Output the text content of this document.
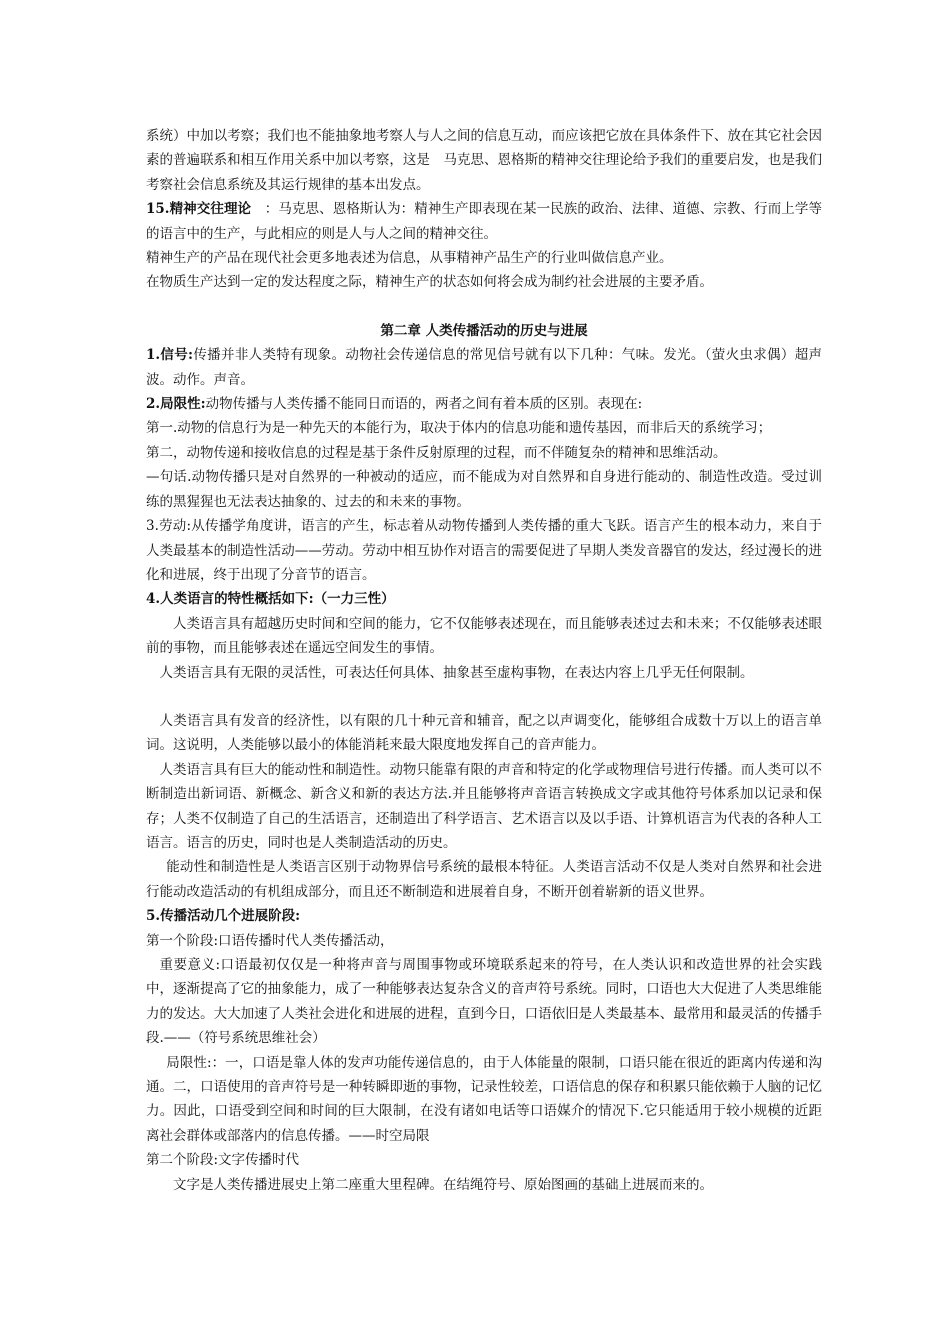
系统）中加以考察；我们也不能抽象地考察人与人之间的信息互动，而应该把它放在具体条件下、放在其它社会因素的普遍联系和相互作用关系中加以考察，这是　马克思、恩格斯的精神交往理论给予我们的重要启发，也是我们考察社会信息系统及其运行规律的基本出发点。

15.精神交往理论　：马克思、恩格斯认为：精神生产即表现在某一民族的政治、法律、道德、宗教、行而上学等的语言中的生产，与此相应的则是人与人之间的精神交往。

精神生产的产品在现代社会更多地表述为信息，从事精神产品生产的行业叫做信息产业。

在物质生产达到一定的发达程度之际，精神生产的状态如何将会成为制约社会进展的主要矛盾。

第二章 人类传播活动的历史与进展

1.信号:传播并非人类特有现象。动物社会传递信息的常见信号就有以下几种：气味。发光。（萤火虫求偶）超声波。动作。声音。

2.局限性:动物传播与人类传播不能同日而语的，两者之间有着本质的区别。表现在:

第一.动物的信息行为是一种先天的本能行为，取决于体内的信息功能和遗传基因，而非后天的系统学习；

第二，动物传递和接收信息的过程是基于条件反射原理的过程，而不伴随复杂的精神和思维活动。

—句话.动物传播只是对自然界的一种被动的适应，而不能成为对自然界和自身进行能动的、制造性改造。受过训练的黑猩猩也无法表达抽象的、过去的和未来的事物。

3.劳动:从传播学角度讲，语言的产生，标志着从动物传播到人类传播的重大飞跃。语言产生的根本动力，来自于人类最基本的制造性活动——劳动。劳动中相互协作对语言的需要促进了早期人类发音器官的发达，经过漫长的进化和进展，终于出现了分音节的语言。

4.人类语言的特性概括如下:（一力三性）

人类语言具有超越历史时间和空间的能力，它不仅能够表述现在，而且能够表述过去和未来；不仅能够表述眼前的事物，而且能够表述在遥远空间发生的事情。

人类语言具有无限的灵活性，可表达任何具体、抽象甚至虚构事物，在表达内容上几乎无任何限制。

人类语言具有发音的经济性，以有限的几十种元音和辅音，配之以声调变化，能够组合成数十万以上的语言单词。这说明，人类能够以最小的体能消耗来最大限度地发挥自己的音声能力。

人类语言具有巨大的能动性和制造性。动物只能靠有限的声音和特定的化学或物理信号进行传播。而人类可以不断制造出新词语、新概念、新含义和新的表达方法.并且能够将声音语言转换成文字或其他符号体系加以记录和保存；人类不仅制造了自己的生活语言，还制造出了科学语言、艺术语言以及以手语、计算机语言为代表的各种人工语言。语言的历史，同时也是人类制造活动的历史。

能动性和制造性是人类语言区别于动物界信号系统的最根本特征。人类语言活动不仅是人类对自然界和社会进行能动改造活动的有机组成部分，而且还不断制造和进展着自身，不断开创着崭新的语义世界。

5.传播活动几个进展阶段:

第一个阶段:口语传播时代人类传播活动，

重要意义:口语最初仅仅是一种将声音与周围事物或环境联系起来的符号，在人类认识和改造世界的社会实践中，逐渐提高了它的抽象能力，成了一种能够表达复杂含义的音声符号系统。同时，口语也大大促进了人类思维能力的发达。大大加速了人类社会进化和进展的进程，直到今日，口语依旧是人类最基本、最常用和最灵活的传播手段.——（符号系统思维社会）

局限性:：一，口语是靠人体的发声功能传递信息的，由于人体能量的限制，口语只能在很近的距离内传递和沟通。二，口语使用的音声符号是一种转瞬即逝的事物，记录性较差，口语信息的保存和积累只能依赖于人脑的记忆力。因此，口语受到空间和时间的巨大限制，在没有诸如电话等口语媒介的情况下.它只能适用于较小规模的近距离社会群体或部落内的信息传播。——时空局限

第二个阶段:文字传播时代

文字是人类传播进展史上第二座重大里程碑。在结绳符号、原始图画的基础上进展而来的。
